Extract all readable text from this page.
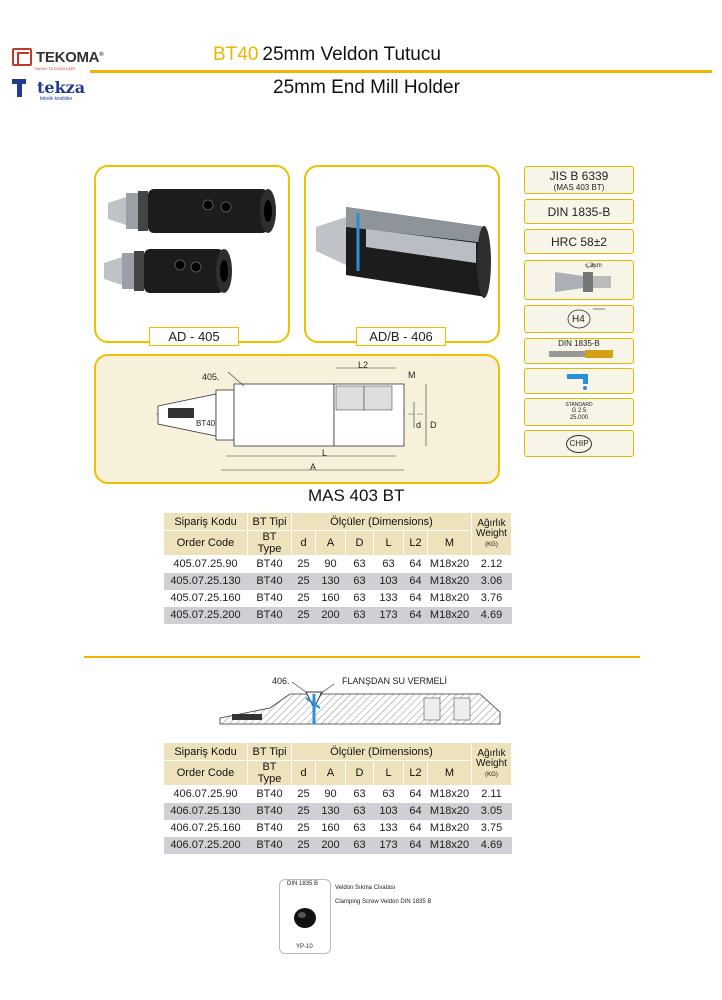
TEKOMA®
TAKIM TEZGAHLARI
tekza
teknik kesikiler
BT40 25mm Veldon Tutucu
25mm End Mill Holder
AD - 405	AD/B - 406
405.
BT40
L2
M
d D
L
A
JIS B 6339
(MAS 403 BT)
DIN 1835-B
HRC 58±2
≤ 3µm
H4
DIN 1835-B
STANDARD
G 2.5
25.000
CHIP
MAS 403 BT
Sipariş Kodu	BT Tipi	Ölçüler (Dimensions)						Ağırlık
Weight
(KG)
Order Code	BT Type	d	A	D	L	L2	M	
405.07.25.90	BT40	25	90	63	63	64	M18x20	2.12
405.07.25.130	BT40	25	130	63	103	64	M18x20	3.06
405.07.25.160	BT40	25	160	63	133	64	M18x20	3.76
405.07.25.200	BT40	25	200	63	173	64	M18x20	4.69
406.	FLANŞDAN SU VERMELİ
Sipariş Kodu	BT Tipi	Ölçüler (Dimensions)						Ağırlık
Weight
(KG)
Order Code	BT Type	d	A	D	L	L2	M	
406.07.25.90	BT40	25	90	63	63	64	M18x20	2.11
406.07.25.130	BT40	25	130	63	103	64	M18x20	3.05
406.07.25.160	BT40	25	160	63	133	64	M18x20	3.75
406.07.25.200	BT40	25	200	63	173	64	M18x20	4.69
DIN 1835 B
YP-10
Veldon Sıkma Civatası
Clamping Screw Veldon DIN 1835 B
